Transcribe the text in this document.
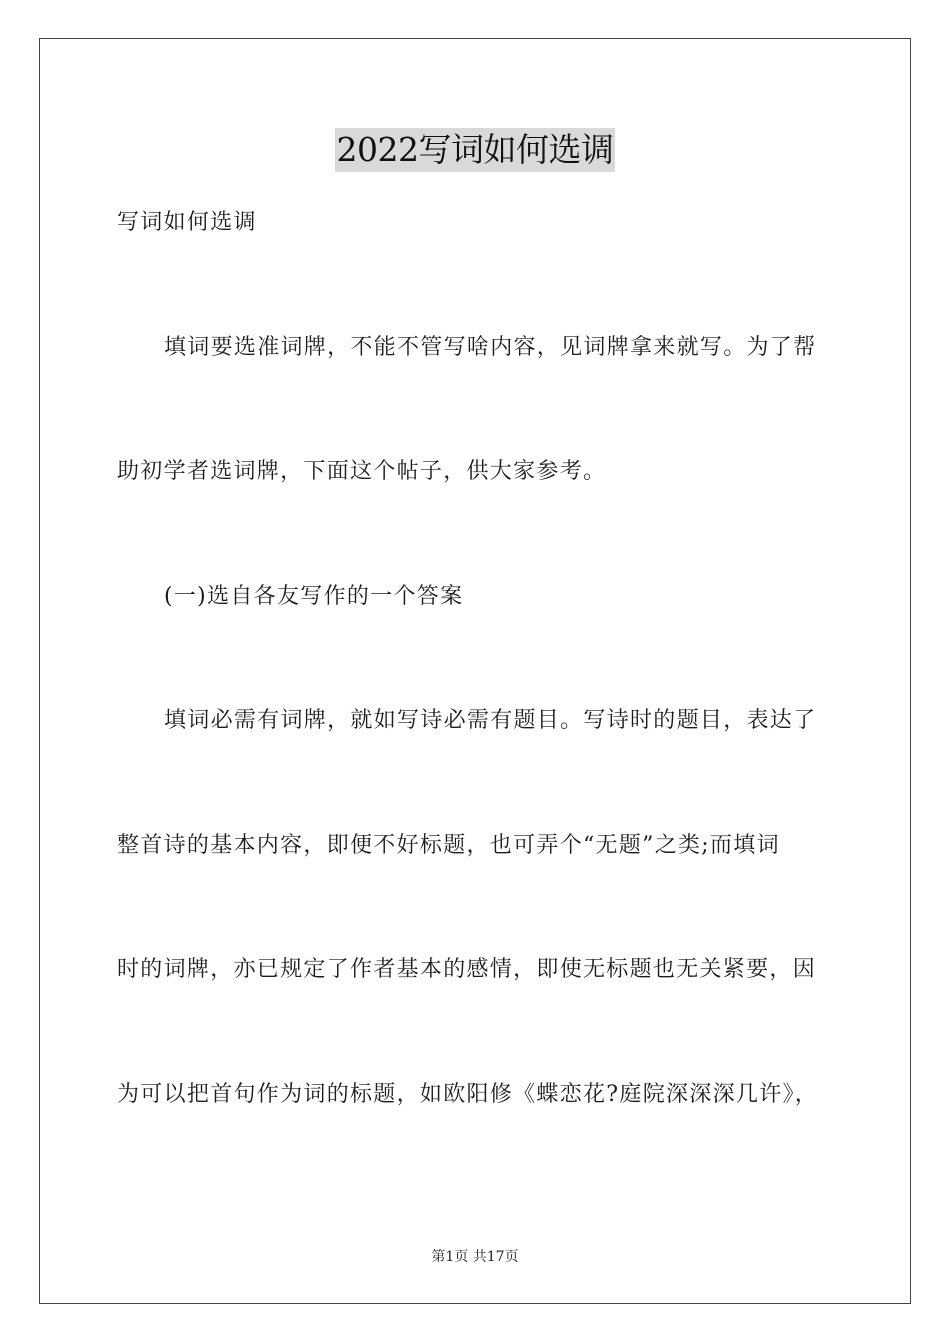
2022写词如何选调
写词如何选调
填词要选准词牌，不能不管写啥内容，见词牌拿来就写。为了帮
助初学者选词牌，下面这个帖子，供大家参考。
(一)选自各友写作的一个答案
填词必需有词牌，就如写诗必需有题目。写诗时的题目，表达了
整首诗的基本内容，即便不好标题，也可弄个“无题”之类;而填词
时的词牌，亦已规定了作者基本的感情，即使无标题也无关紧要，因
为可以把首句作为词的标题，如欧阳修《蝶恋花?庭院深深深几许》，
第1页 共17页
